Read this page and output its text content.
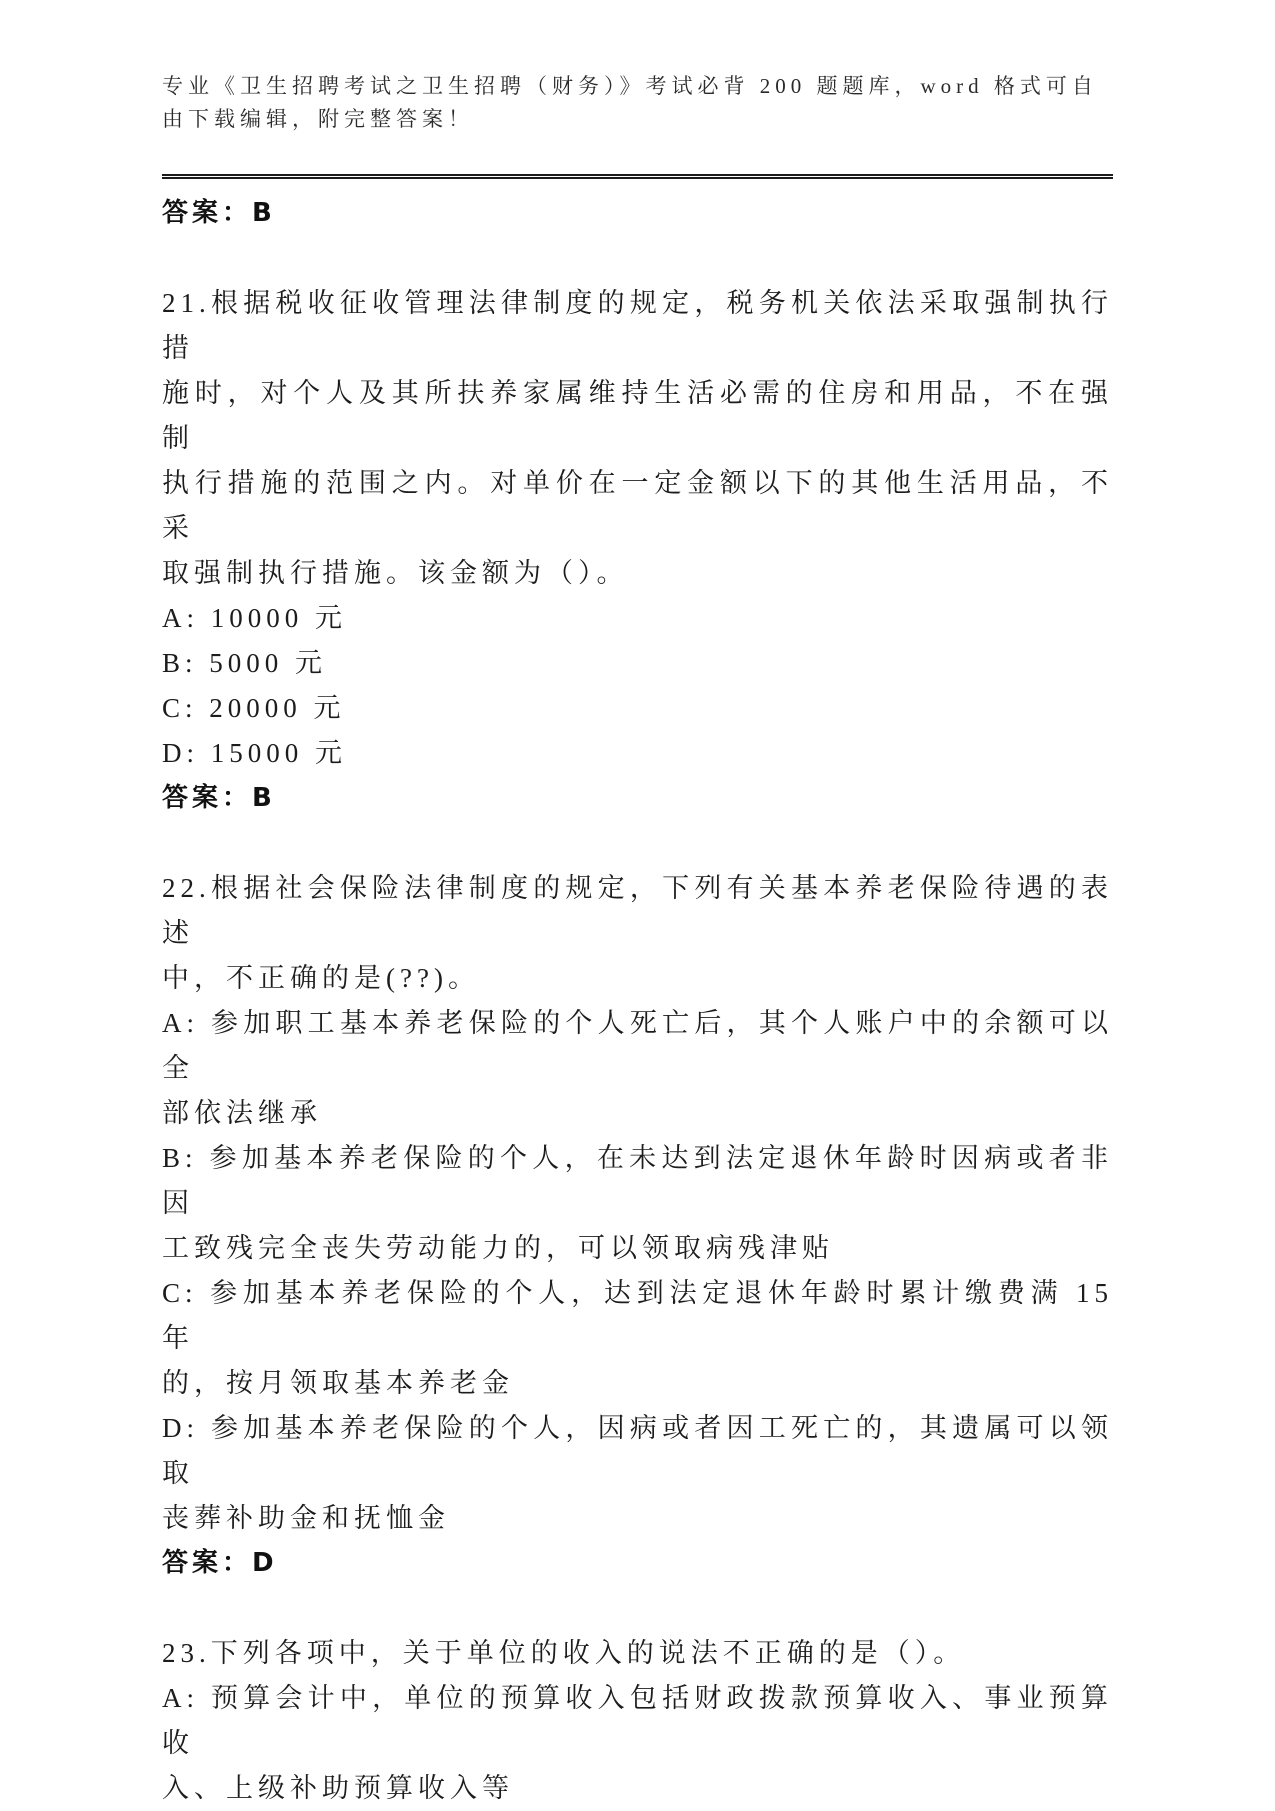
专业《卫生招聘考试之卫生招聘（财务）》考试必背 200 题题库，word 格式可自
由下载编辑，附完整答案！
答案：B
21.根据税收征收管理法律制度的规定，税务机关依法采取强制执行措
施时，对个人及其所扶养家属维持生活必需的住房和用品，不在强制
执行措施的范围之内。对单价在一定金额以下的其他生活用品，不采
取强制执行措施。该金额为（）。
A: 10000 元
B: 5000 元
C: 20000 元
D: 15000 元
答案：B
22.根据社会保险法律制度的规定，下列有关基本养老保险待遇的表述
中，不正确的是(??)。
A: 参加职工基本养老保险的个人死亡后，其个人账户中的余额可以全
部依法继承
B: 参加基本养老保险的个人，在未达到法定退休年龄时因病或者非因
工致残完全丧失劳动能力的，可以领取病残津贴
C: 参加基本养老保险的个人，达到法定退休年龄时累计缴费满 15 年
的，按月领取基本养老金
D: 参加基本养老保险的个人，因病或者因工死亡的，其遗属可以领取
丧葬补助金和抚恤金
答案：D
23.下列各项中，关于单位的收入的说法不正确的是（）。
A: 预算会计中，单位的预算收入包括财政拨款预算收入、事业预算收
入、上级补助预算收入等
